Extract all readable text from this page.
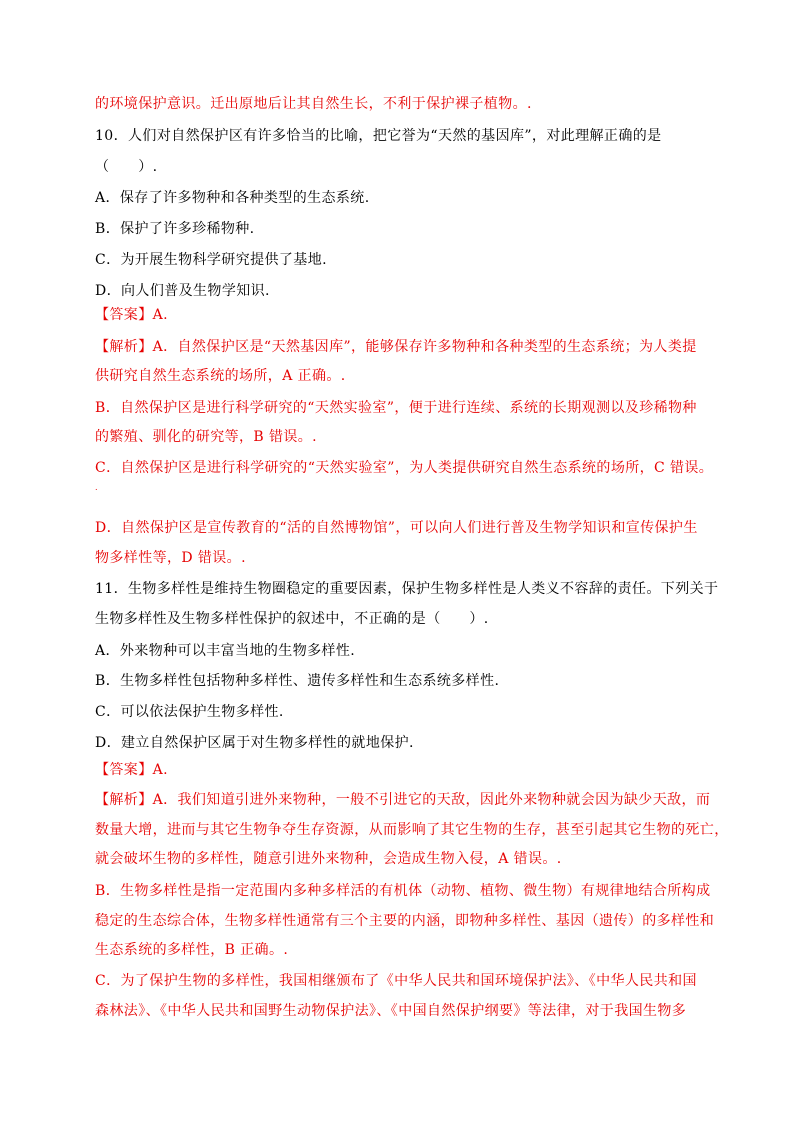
的环境保护意识。迁出原地后让其自然生长，不利于保护裸子植物。.
10．人们对自然保护区有许多恰当的比喻，把它誉为“天然的基因库”，对此理解正确的是
（　　）.
A．保存了许多物种和各种类型的生态系统.
B．保护了许多珍稀物种.
C．为开展生物科学研究提供了基地.
D．向人们普及生物学知识.
【答案】A.
【解析】A．自然保护区是“天然基因库”，能够保存许多物种和各种类型的生态系统；为人类提
供研究自然生态系统的场所，A 正确。.
B．自然保护区是进行科学研究的“天然实验室”，便于进行连续、系统的长期观测以及珍稀物种
的繁殖、驯化的研究等，B 错误。.
C．自然保护区是进行科学研究的“天然实验室”，为人类提供研究自然生态系统的场所，C 错误。
.
D．自然保护区是宣传教育的“活的自然博物馆”，可以向人们进行普及生物学知识和宣传保护生
物多样性等，D 错误。.
11．生物多样性是维持生物圈稳定的重要因素，保护生物多样性是人类义不容辞的责任。下列关于
生物多样性及生物多样性保护的叙述中，不正确的是（　　）.
A．外来物种可以丰富当地的生物多样性.
B．生物多样性包括物种多样性、遗传多样性和生态系统多样性.
C．可以依法保护生物多样性.
D．建立自然保护区属于对生物多样性的就地保护.
【答案】A.
【解析】A．我们知道引进外来物种，一般不引进它的天敌，因此外来物种就会因为缺少天敌，而
数量大增，进而与其它生物争夺生存资源，从而影响了其它生物的生存，甚至引起其它生物的死亡，
就会破坏生物的多样性，随意引进外来物种，会造成生物入侵，A 错误。.
B．生物多样性是指一定范围内多种多样活的有机体（动物、植物、微生物）有规律地结合所构成
稳定的生态综合体，生物多样性通常有三个主要的内涵，即物种多样性、基因（遗传）的多样性和
生态系统的多样性，B 正确。.
C．为了保护生物的多样性，我国相继颁布了《中华人民共和国环境保护法》、《中华人民共和国
森林法》、《中华人民共和国野生动物保护法》、《中国自然保护纲要》等法律，对于我国生物多
